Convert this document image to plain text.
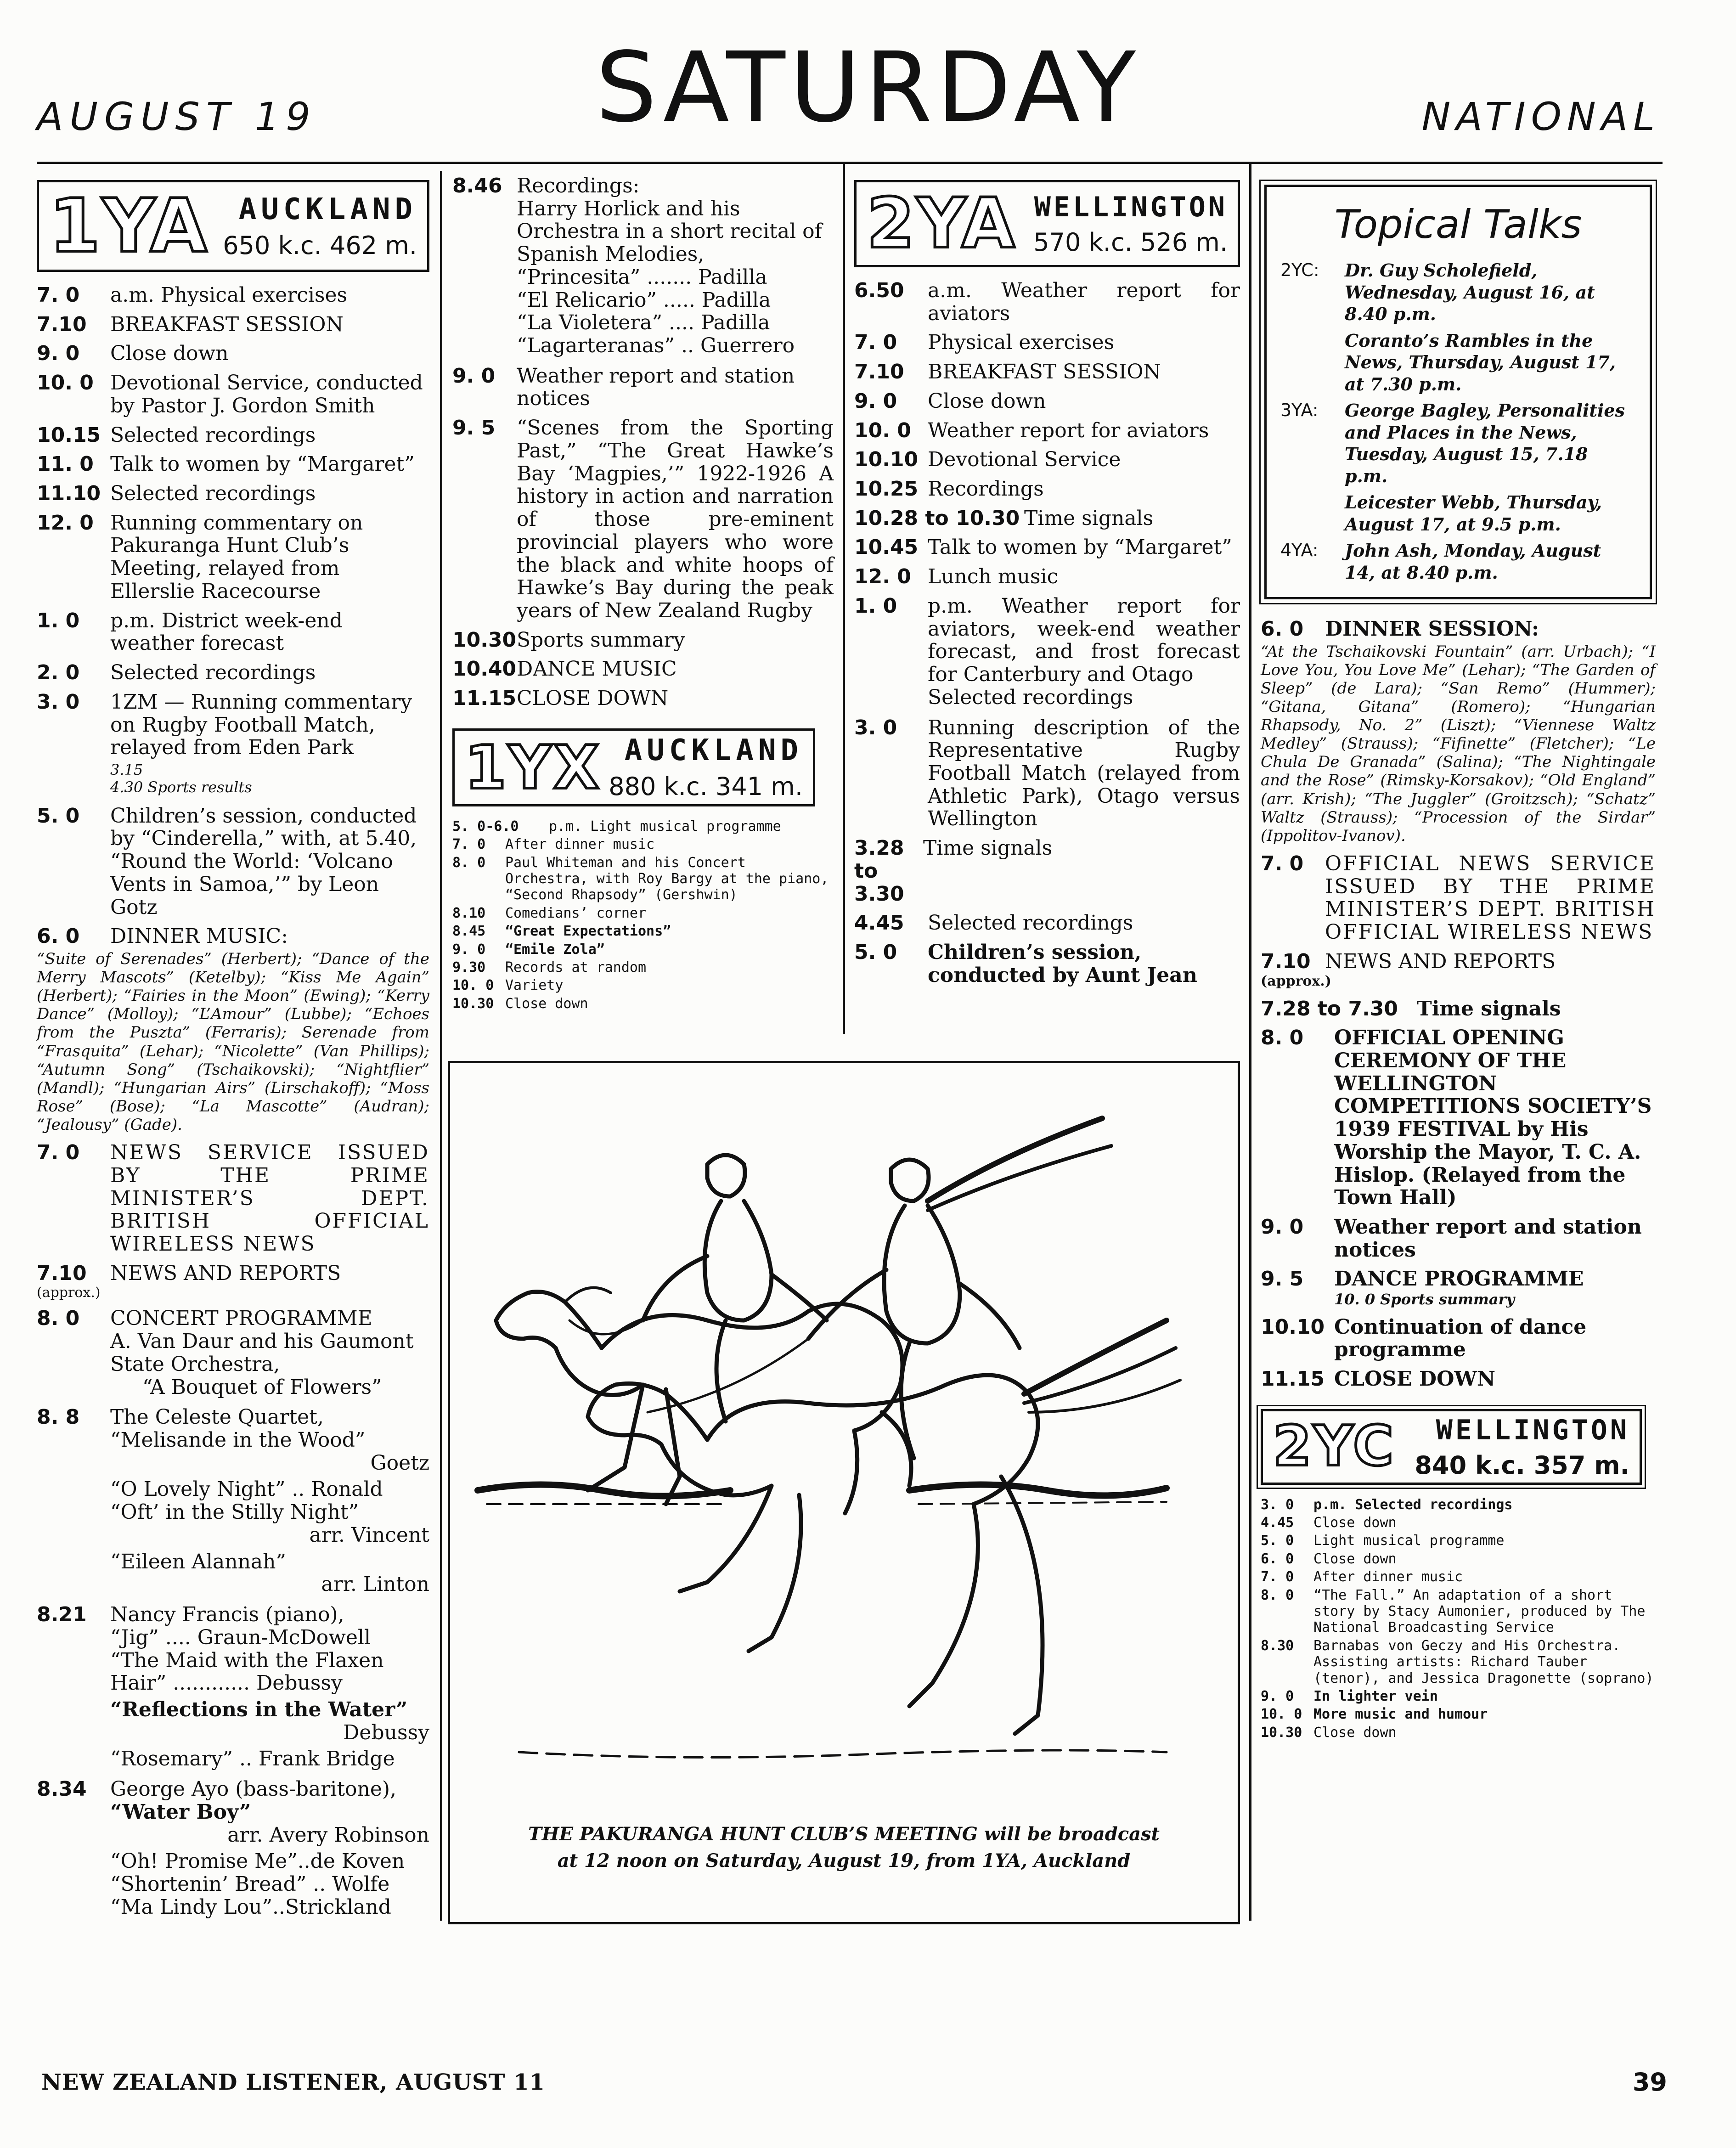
SATURDAY
AUGUST 19	NATIONAL
1YA	AUCKLAND
650 k.c. 462 m.
7. 0	a.m. Physical exercises
7.10	BREAKFAST SESSION
9. 0	Close down
10. 0 Devotional Service, conducted by Pastor J. Gordon Smith
10.15 Selected recordings
11. 0 Talk to women by “Margaret”
11.10 Selected recordings
12. 0 Running commentary on Pakuranga Hunt Club’s Meeting, relayed from Ellerslie Racecourse
1. 0	p.m. District week-end weather forecast
2. 0	Selected recordings
3. 0	1ZM — Running commentary on Rugby Football Match, relayed from Eden Park
3.15
4.30 Sports results
5. 0	Children’s session, conducted by “Cinderella,” with, at 5.40, “Round the World: ‘Volcano Vents in Samoa,’” by Leon Gotz
6. 0	DINNER MUSIC:
“Suite of Serenades” (Herbert); “Dance of the Merry Mascots” (Ketelby); “Kiss Me Again” (Herbert); “Fairies in the Moon” (Ewing); “Kerry Dance” (Molloy); “L’Amour” (Lubbe); “Echoes from the Puszta” (Ferraris); Serenade from “Frasquita” (Lehar); “Nicolette” (Van Phillips); “Autumn Song” (Tschaikovski); “Nightflier” (Mandl); “Hungarian Airs” (Lirschakoff); “Moss Rose” (Bose); “La Mascotte” (Audran); “Jealousy” (Gade).
7. 0	NEWS SERVICE ISSUED BY THE PRIME MINISTER’S DEPT. BRITISH OFFICIAL WIRELESS NEWS
7.10	NEWS AND REPORTS
(approx.)
8. 0	CONCERT PROGRAMME
A. Van Daur and his Gaumont State Orchestra,
“A Bouquet of Flowers”
8. 8	The Celeste Quartet,
“Melisande in the Wood”
Goetz
“O Lovely Night” .. Ronald
“Oft’ in the Stilly Night”
arr. Vincent
“Eileen Alannah”
arr. Linton
8.21	Nancy Francis (piano),
“Jig” .... Graun-McDowell
“The Maid with the Flaxen Hair” ............ Debussy
“Reflections in the Water”
Debussy
“Rosemary” .. Frank Bridge
8.34	George Ayo (bass-baritone),
“Water Boy”
arr. Avery Robinson
“Oh! Promise Me”..de Koven
“Shortenin’ Bread” .. Wolfe
“Ma Lindy Lou”..Strickland
8.46 Recordings:
Harry Horlick and his Orchestra in a short recital of Spanish Melodies,
“Princesita” ....... Padilla
“El Relicario” ..... Padilla
“La Violetera” .... Padilla
“Lagarteranas” .. Guerrero
9. 0	Weather report and station notices
9. 5	“Scenes from the Sporting Past,” “The Great Hawke’s Bay ‘Magpies,’” 1922-1926 A history in action and narration of those pre-eminent provincial players who wore the black and white hoops of Hawke’s Bay during the peak years of New Zealand Rugby
10.30 Sports summary
10.40 DANCE MUSIC
11.15 CLOSE DOWN
1YX AUCKLAND
880 k.c. 341 m.
5. 0-6.0	p.m. Light musical programme
7. 0	After dinner music
8. 0	Paul Whiteman and his Concert Orchestra, with Roy Bargy at the piano, “Second Rhapsody” (Gershwin)
8.10	Comedians’ corner
8.45	“Great Expectations”
9. 0	“Emile Zola”
9.30	Records at random
10. 0 Variety
10.30 Close down
2YA WELLINGTON
570 k.c. 526 m.
6.50	a.m. Weather report for aviators
7. 0	Physical exercises
7.10	BREAKFAST SESSION
9. 0	Close down
10. 0 Weather report for aviators
10.10 Devotional Service
10.25 Recordings
10.28 to 10.30 Time signals
10.45 Talk to women by “Margaret”
12. 0 Lunch music
1. 0	p.m. Weather report for aviators, week-end weather forecast, and frost forecast for Canterbury and Otago
Selected recordings
3. 0	Running description of the Representative Rugby Football Match (relayed from Athletic Park), Otago versus Wellington
3.28 to 3.30
Time signals
4.45	Selected recordings
5. 0	Children’s session, conducted by Aunt Jean
THE PAKURANGA HUNT CLUB’S MEETING will be broadcast
at 12 noon on Saturday, August 19, from 1YA, Auckland
Topical Talks
2YC:	Dr. Guy Scholefield, Wednesday, August 16, at 8.40 p.m.
Coranto’s Rambles in the News, Thursday, August 17, at 7.30 p.m.
3YA:	George Bagley, Personalities and Places in the News, Tuesday, August 15, 7.18 p.m.
Leicester Webb, Thursday, August 17, at 9.5 p.m.
4YA:	John Ash, Monday, August 14, at 8.40 p.m.
6. 0	DINNER SESSION:
“At the Tschaikovski Fountain” (arr. Urbach); “I Love You, You Love Me” (Lehar); “The Garden of Sleep” (de Lara); “San Remo” (Hummer); “Gitana, Gitana” (Romero); “Hungarian Rhapsody, No. 2” (Liszt); “Viennese Waltz Medley” (Strauss); “Fifinette” (Fletcher); “Le Chula De Granada” (Salina); “The Nightingale and the Rose” (Rimsky-Korsakov); “Old England” (arr. Krish); “The Juggler” (Groitzsch); “Schatz” Waltz (Strauss); “Procession of the Sirdar” (Ippolitov-Ivanov).
7. 0	OFFICIAL NEWS SERVICE ISSUED BY THE PRIME MINISTER’S DEPT. BRITISH OFFICIAL WIRELESS NEWS
7.10 NEWS AND REPORTS
(approx.)
7.28 to 7.30 Time signals
8. 0	OFFICIAL OPENING CEREMONY OF THE WELLINGTON COMPETITIONS SOCIETY’S 1939 FESTIVAL by His Worship the Mayor, T. C. A. Hislop. (Relayed from the Town Hall)
9. 0	Weather report and station notices
9. 5	DANCE PROGRAMME
10. 0 Sports summary
10.10 Continuation of dance programme
11.15 CLOSE DOWN
2YC	WELLINGTON
840 k.c. 357 m.
3. 0	p.m. Selected recordings
4.45	Close down
5. 0	Light musical programme
6. 0	Close down
7. 0	After dinner music
8. 0	“The Fall.” An adaptation of a short story by Stacy Aumonier, produced by The National Broadcasting Service
8.30	Barnabas von Geczy and His Orchestra. Assisting artists: Richard Tauber (tenor), and Jessica Dragonette (soprano)
9. 0	In lighter vein
10. 0 More music and humour
10.30 Close down
NEW ZEALAND LISTENER, AUGUST 11	39
